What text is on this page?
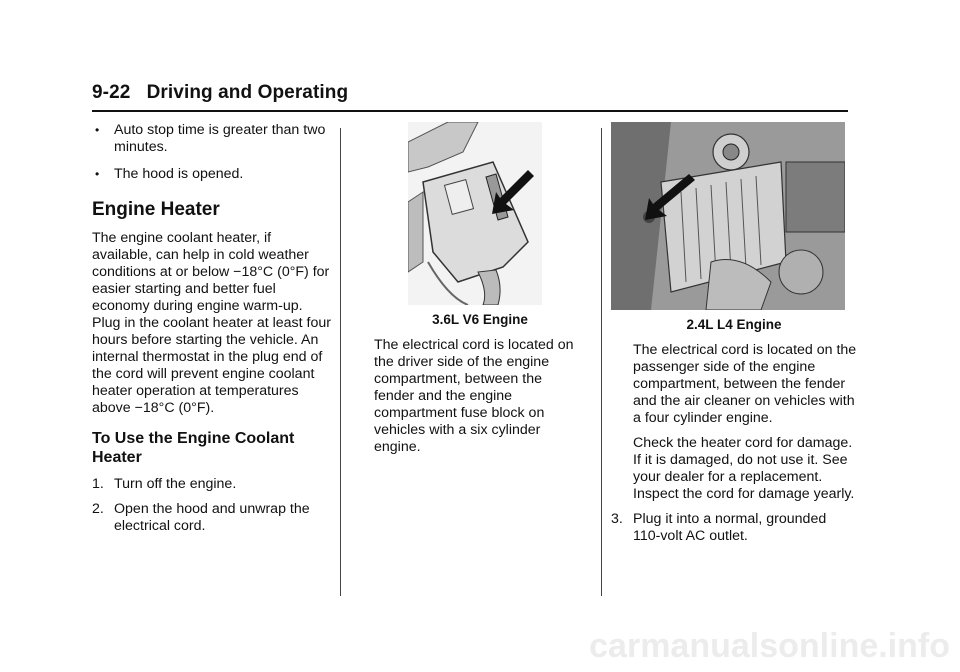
9-22 Driving and Operating
• Auto stop time is greater than two minutes.
• The hood is opened.
Engine Heater

The engine coolant heater, if available, can help in cold weather conditions at or below −18°C (0°F) for easier starting and better fuel economy during engine warm-up. Plug in the coolant heater at least four hours before starting the vehicle. An internal thermostat in the plug end of the cord will prevent engine coolant heater operation at temperatures above −18°C (0°F).

To Use the Engine Coolant Heater
1. Turn off the engine.
2. Open the hood and unwrap the electrical cord.
3.6L V6 Engine

The electrical cord is located on the driver side of the engine compartment, between the fender and the engine compartment fuse block on vehicles with a six cylinder engine.

2.4L L4 Engine

The electrical cord is located on the passenger side of the engine compartment, between the fender and the air cleaner on vehicles with a four cylinder engine.

Check the heater cord for damage. If it is damaged, do not use it. See your dealer for a replacement. Inspect the cord for damage yearly.

3. Plug it into a normal, grounded 110-volt AC outlet.
carmanualsonline.info
